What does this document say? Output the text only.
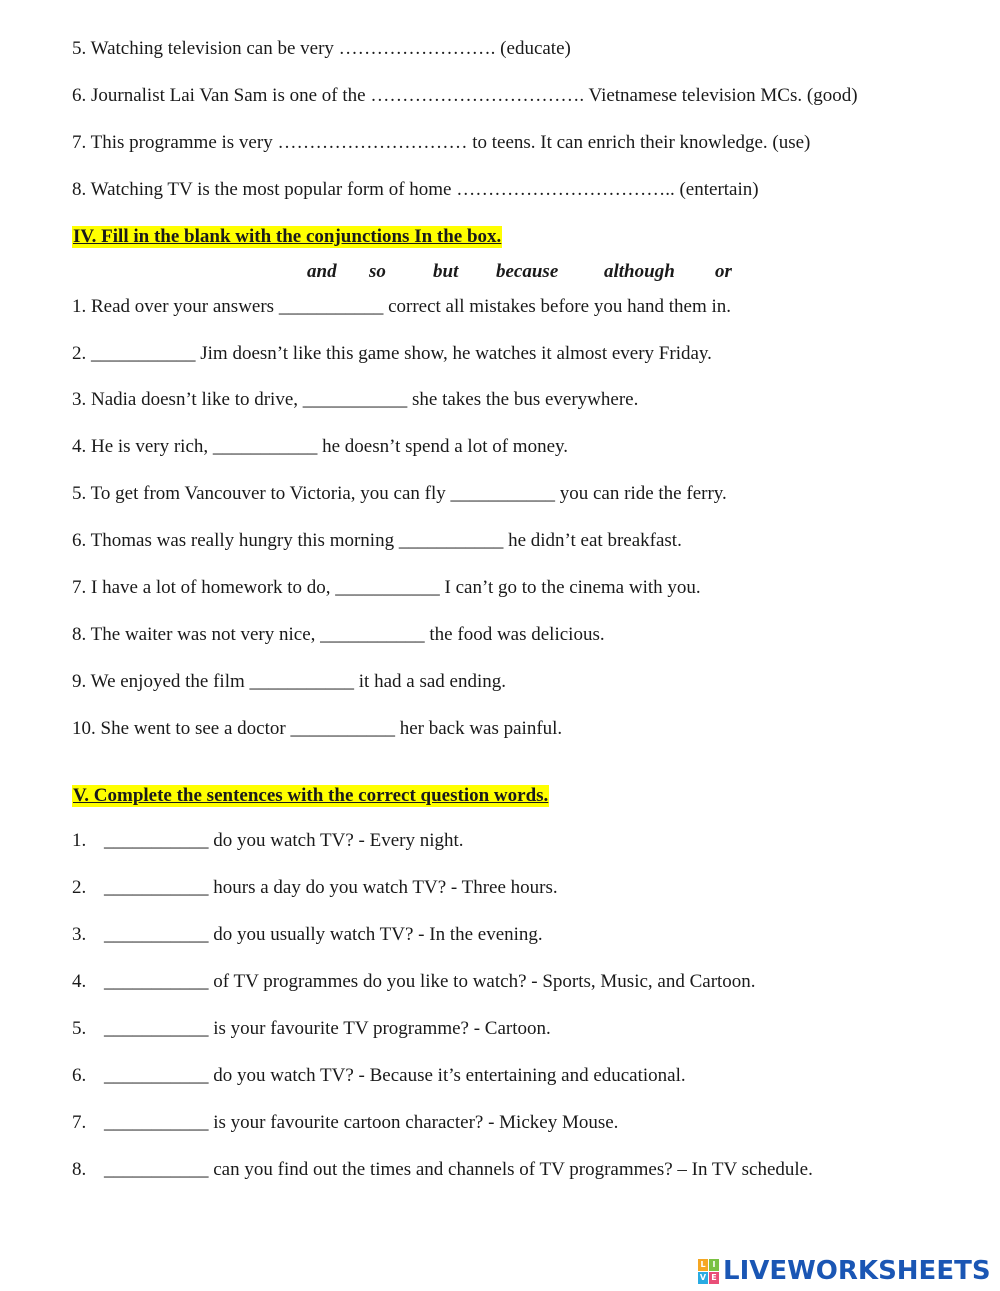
5. Watching television can be very ……………………. (educate)
6. Journalist Lai Van Sam is one of the ……………………………. Vietnamese television MCs. (good)
7. This programme is very ………………………… to teens. It can enrich their knowledge. (use)
8. Watching TV is the most popular form of home …………………………….. (entertain)
IV. Fill in the blank with the conjunctions In the box.
and so but because although or
1. Read over your answers ___________ correct all mistakes before you hand them in.
2. ___________ Jim doesn’t like this game show, he watches it almost every Friday.
3. Nadia doesn’t like to drive, ___________ she takes the bus everywhere.
4. He is very rich, ___________ he doesn’t spend a lot of money.
5. To get from Vancouver to Victoria, you can fly ___________ you can ride the ferry.
6. Thomas was really hungry this morning ___________ he didn’t eat breakfast.
7. I have a lot of homework to do, ___________ I can’t go to the cinema with you.
8. The waiter was not very nice, ___________ the food was delicious.
9. We enjoyed the film ___________ it had a sad ending.
10. She went to see a doctor ___________ her back was painful.
V. Complete the sentences with the correct question words.
1. ___________ do you watch TV? - Every night.
2. ___________ hours a day do you watch TV? - Three hours.
3. ___________ do you usually watch TV? - In the evening.
4. ___________ of TV programmes do you like to watch? - Sports, Music, and Cartoon.
5. ___________ is your favourite TV programme? - Cartoon.
6. ___________ do you watch TV? - Because it’s entertaining and educational.
7. ___________ is your favourite cartoon character? - Mickey Mouse.
8. ___________ can you find out the times and channels of TV programmes? – In TV schedule.
L I
V E LIVEWORKSHEETS
